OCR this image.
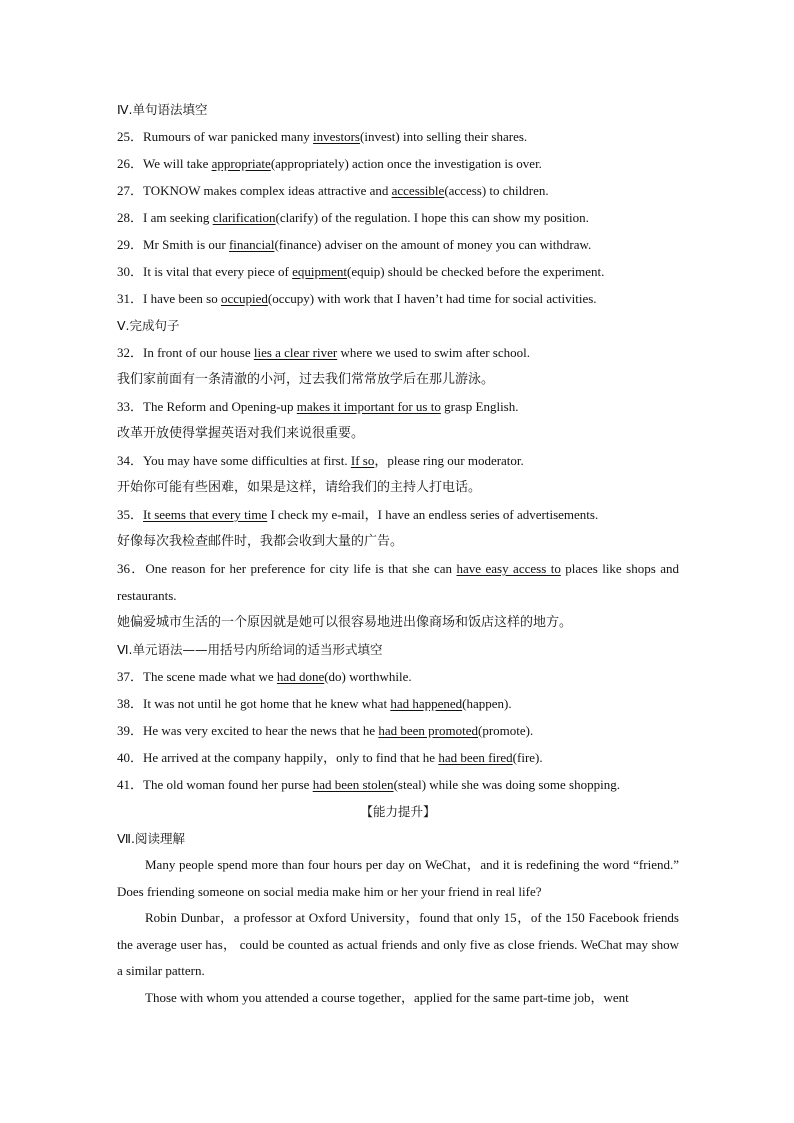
Ⅳ.单句语法填空
25．Rumours of war panicked many investors(invest) into selling their shares.
26．We will take appropriate(appropriately) action once the investigation is over.
27．TOKNOW makes complex ideas attractive and accessible(access) to children.
28．I am seeking clarification(clarify) of the regulation. I hope this can show my position.
29．Mr Smith is our financial(finance) adviser on the amount of money you can withdraw.
30．It is vital that every piece of equipment(equip) should be checked before the experiment.
31．I have been so occupied(occupy) with work that I haven’t had time for social activities.
Ⅴ.完成句子
32．In front of our house lies a clear river where we used to swim after school.
我们家前面有一条清澈的小河，过去我们常常放学后在那儿游泳。
33．The Reform and Opening-up makes it important for us to grasp English.
改革开放使得掌握英语对我们来说很重要。
34．You may have some difficulties at first. If so，please ring our moderator.
开始你可能有些困难，如果是这样，请给我们的主持人打电话。
35．It seems that every time I check my e-mail，I have an endless series of advertisements.
好像每次我检查邮件时，我都会收到大量的广告。
36．One reason for her preference for city life is that she can have easy access to places like shops and restaurants.
她偏爱城市生活的一个原因就是她可以很容易地进出像商场和饭店这样的地方。
Ⅵ.单元语法——用括号内所给词的适当形式填空
37．The scene made what we had done(do) worthwhile.
38．It was not until he got home that he knew what had happened(happen).
39．He was very excited to hear the news that he had been promoted(promote).
40．He arrived at the company happily，only to find that he had been fired(fire).
41．The old woman found her purse had been stolen(steal) while she was doing some shopping.
【能力提升】
Ⅶ.阅读理解
Many people spend more than four hours per day on WeChat，and it is redefining the word “friend.” Does friending someone on social media make him or her your friend in real life?
Robin Dunbar，a professor at Oxford University，found that only 15，of the 150 Facebook friends the average user has， could be counted as actual friends and only five as close friends. WeChat may show a similar pattern.
Those with whom you attended a course together，applied for the same part-time job，went
